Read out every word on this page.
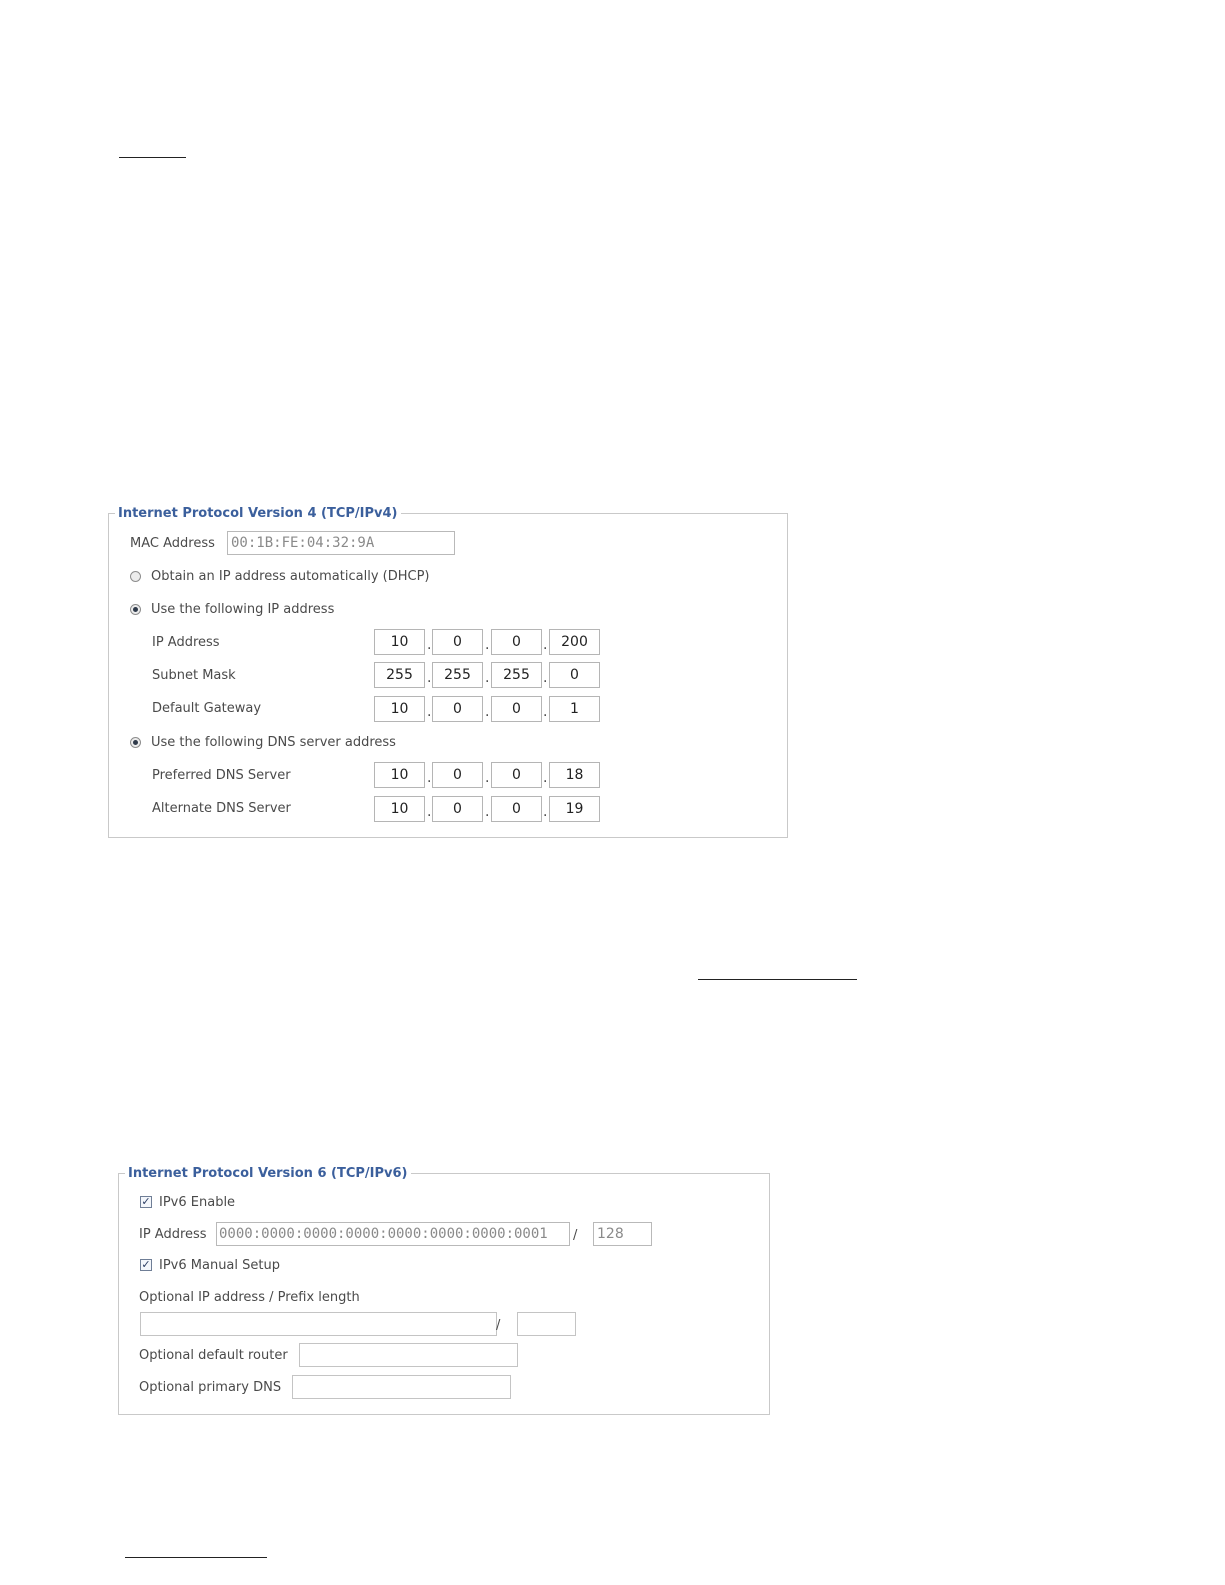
Internet Protocol Version 4 (TCP/IPv4)
MAC Address 00:1B:FE:04:32:9A
Obtain an IP address automatically (DHCP)
Use the following IP address
IP Address	10	.	0	.	0	. 200
Subnet Mask	255	. 255	. 255 .	0
Default Gateway	10	.	0	.	0	.	1
Use the following DNS server address
Preferred DNS Server	10	.	0	.	0	.	18
Alternate DNS Server	10	.	0	.	0	.	19
Internet Protocol Version 6 (TCP/IPv6)
✓ IPv6 Enable
IP Address 0000:0000:0000:0000:0000:0000:0000:0001	/ 128
✓ IPv6 Manual Setup
Optional IP address / Prefix length
/
Optional default router
Optional primary DNS
